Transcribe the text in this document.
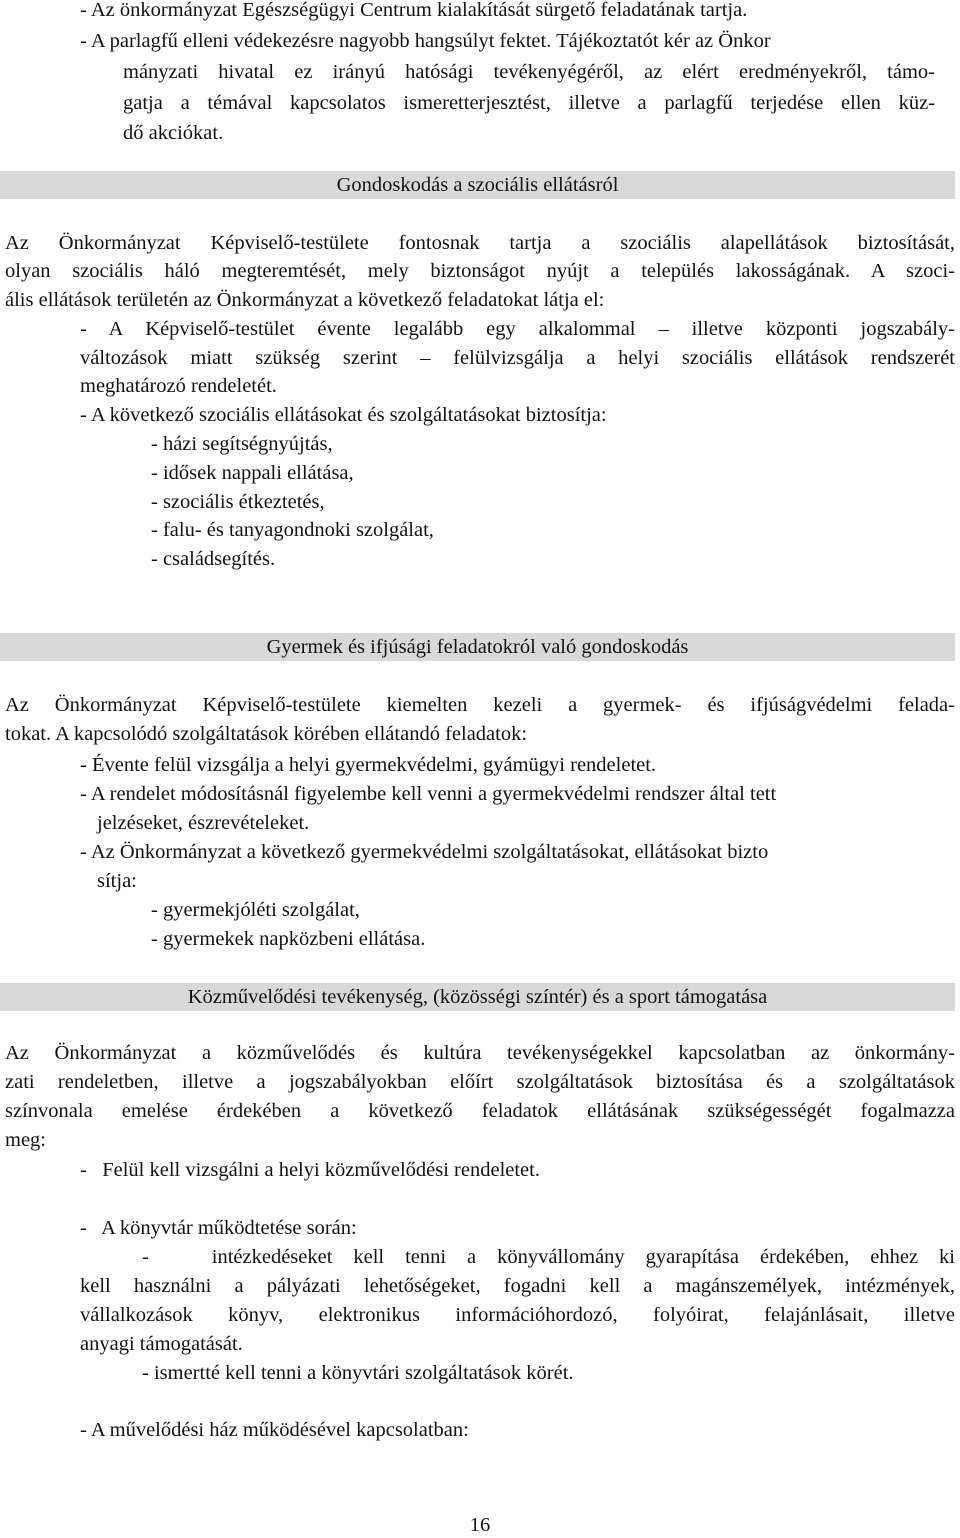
- Az önkormányzat Egészségügyi Centrum kialakítását sürgető feladatának tartja.
- A parlagfű elleni védekezésre nagyobb hangsúlyt fektet. Tájékoztatót kér az Önkor
mányzati hivatal ez irányú hatósági tevékenyégéről, az elért eredményekről, támo-
gatja a témával kapcsolatos ismeretterjesztést, illetve a parlagfű terjedése ellen küz-
dő akciókat.
Gondoskodás a szociális ellátásról
Az Önkormányzat Képviselő-testülete fontosnak tartja a szociális alapellátások biztosítását,
olyan szociális háló megteremtését, mely biztonságot nyújt a település lakosságának. A szoci-
ális ellátások területén az Önkormányzat a következő feladatokat látja el:
- A Képviselő-testület évente legalább egy alkalommal – illetve központi jogszabály-
változások miatt szükség szerint – felülvizsgálja a helyi szociális ellátások rendszerét
meghatározó rendeletét.
- A következő szociális ellátásokat és szolgáltatásokat biztosítja:
- házi segítségnyújtás,
- idősek nappali ellátása,
- szociális étkeztetés,
- falu- és tanyagondnoki szolgálat,
- családsegítés.
Gyermek és ifjúsági feladatokról való gondoskodás
Az Önkormányzat Képviselő-testülete kiemelten kezeli a gyermek- és ifjúságvédelmi felada-
tokat. A kapcsolódó szolgáltatások körében ellátandó feladatok:
- Évente felül vizsgálja a helyi gyermekvédelmi, gyámügyi rendeletet.
- A rendelet módosításnál figyelembe kell venni a gyermekvédelmi rendszer által tett
jelzéseket, észrevételeket.
- Az Önkormányzat a következő gyermekvédelmi szolgáltatásokat, ellátásokat bizto
sítja:
- gyermekjóléti szolgálat,
- gyermekek napközbeni ellátása.
Közművelődési tevékenység, (közösségi színtér) és a sport támogatása
Az Önkormányzat a közművelődés és kultúra tevékenységekkel kapcsolatban az önkormány-
zati rendeletben, illetve a jogszabályokban előírt szolgáltatások biztosítása és a szolgáltatások
színvonala emelése érdekében a következő feladatok ellátásának szükségességét fogalmazza
meg:
-   Felül kell vizsgálni a helyi közművelődési rendeletet.
-   A könyvtár működtetése során:
-   intézkedéseket kell tenni a könyvállomány gyarapítása érdekében, ehhez ki
kell használni a pályázati lehetőségeket, fogadni kell a magánszemélyek, intézmények,
vállalkozások könyv, elektronikus információhordozó, folyóirat, felajánlásait, illetve
anyagi támogatását.
- ismertté kell tenni a könyvtári szolgáltatások körét.
- A művelődési ház működésével kapcsolatban:
16
